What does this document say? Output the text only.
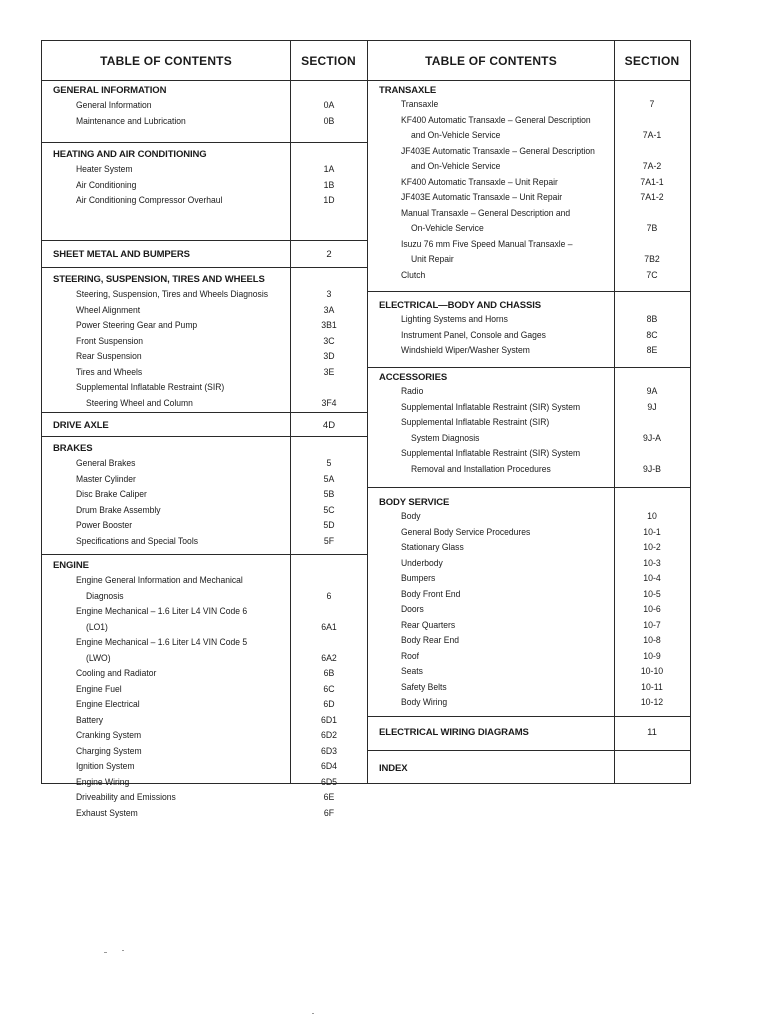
TABLE OF CONTENTS	SECTION
GENERAL INFORMATION
General Information	0A
Maintenance and Lubrication	0B
HEATING AND AIR CONDITIONING
Heater System	1A
Air Conditioning	1B
Air Conditioning Compressor Overhaul	1D
SHEET METAL AND BUMPERS	2
STEERING, SUSPENSION, TIRES AND WHEELS
Steering, Suspension, Tires and Wheels Diagnosis	3
Wheel Alignment	3A
Power Steering Gear and Pump	3B1
Front Suspension	3C
Rear Suspension	3D
Tires and Wheels	3E
Supplemental Inflatable Restraint (SIR)
Steering Wheel and Column	3F4
DRIVE AXLE	4D
BRAKES
General Brakes	5
Master Cylinder	5A
Disc Brake Caliper	5B
Drum Brake Assembly	5C
Power Booster	5D
Specifications and Special Tools	5F
ENGINE
Engine General Information and Mechanical
Diagnosis	6
Engine Mechanical – 1.6 Liter L4 VIN Code 6
(LO1)	6A1
Engine Mechanical – 1.6 Liter L4 VIN Code 5
(LWO)	6A2
Cooling and Radiator	6B
Engine Fuel	6C
Engine Electrical	6D
Battery	6D1
Cranking System	6D2
Charging System	6D3
Ignition System	6D4
Engine Wiring	6D5
Driveability and Emissions	6E
Exhaust System	6F
TABLE OF CONTENTS	SECTION
TRANSAXLE
Transaxle	7
KF400 Automatic Transaxle – General Description
and On-Vehicle Service	7A-1
JF403E Automatic Transaxle – General Description
and On-Vehicle Service	7A-2
KF400 Automatic Transaxle – Unit Repair	7A1-1
JF403E Automatic Transaxle – Unit Repair	7A1-2
Manual Transaxle – General Description and
On-Vehicle Service	7B
Isuzu 76 mm Five Speed Manual Transaxle –
Unit Repair	7B2
Clutch	7C
ELECTRICAL—BODY AND CHASSIS
Lighting Systems and Horns	8B
Instrument Panel, Console and Gages	8C
Windshield Wiper/Washer System	8E
ACCESSORIES
Radio	9A
Supplemental Inflatable Restraint (SIR) System	9J
Supplemental Inflatable Restraint (SIR)
System Diagnosis	9J-A
Supplemental Inflatable Restraint (SIR) System
Removal and Installation Procedures	9J-B
BODY SERVICE
Body	10
General Body Service Procedures	10-1
Stationary Glass	10-2
Underbody	10-3
Bumpers	10-4
Body Front End	10-5
Doors	10-6
Rear Quarters	10-7
Body Rear End	10-8
Roof	10-9
Seats	10-10
Safety Belts	10-11
Body Wiring	10-12
ELECTRICAL WIRING DIAGRAMS	11
INDEX
